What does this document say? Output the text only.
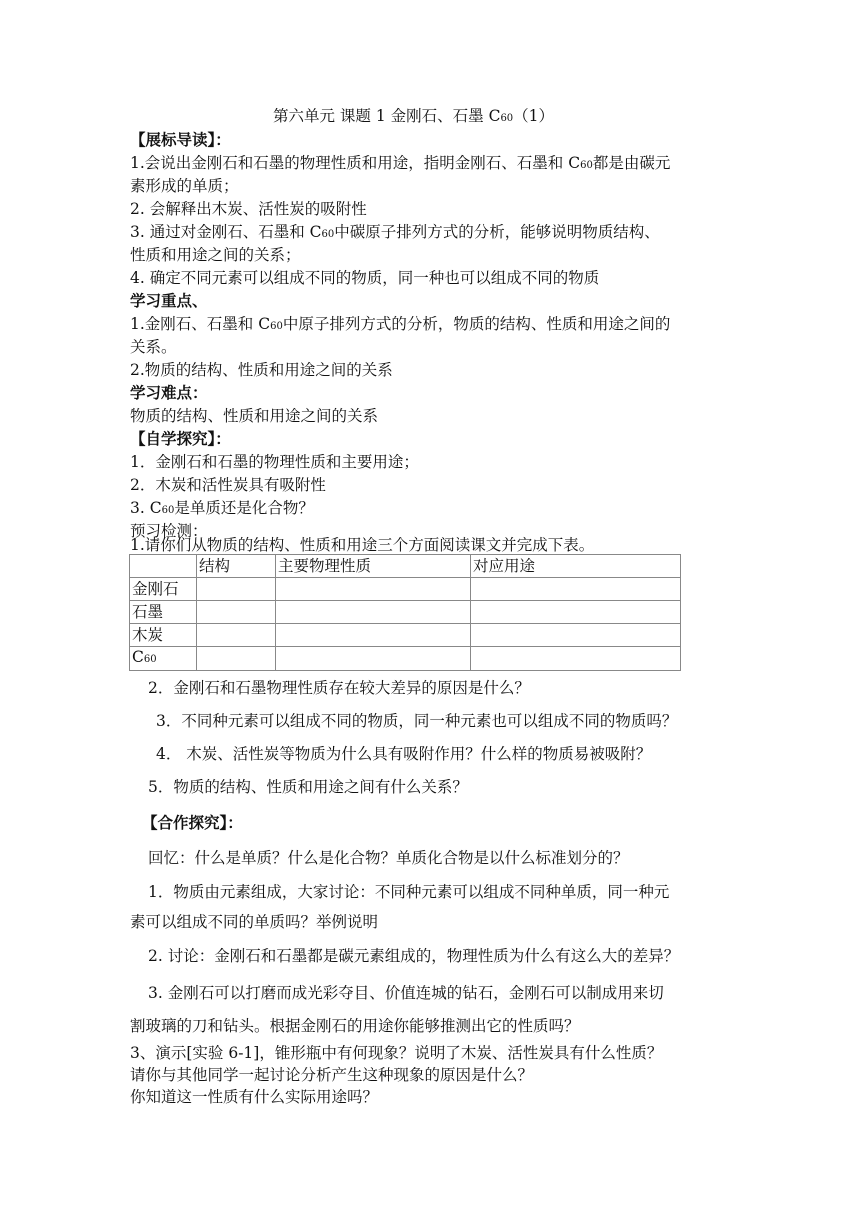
第六单元 课题 1 金刚石、石墨 C60（1）
【展标导读】：
1.会说出金刚石和石墨的物理性质和用途，指明金刚石、石墨和 C60都是由碳元
素形成的单质；
2. 会解释出木炭、活性炭的吸附性
3. 通过对金刚石、石墨和 C60中碳原子排列方式的分析，能够说明物质结构、
性质和用途之间的关系；
4. 确定不同元素可以组成不同的物质，同一种也可以组成不同的物质
学习重点、
1.金刚石、石墨和 C60中原子排列方式的分析，物质的结构、性质和用途之间的
关系。
2.物质的结构、性质和用途之间的关系
学习难点：
物质的结构、性质和用途之间的关系
【自学探究】：
1．金刚石和石墨的物理性质和主要用途；
2．木炭和活性炭具有吸附性
3. C60是单质还是化合物？
预习检测：
1.请你们从物质的结构、性质和用途三个方面阅读课文并完成下表。
	结构	主要物理性质	对应用途
金刚石			
石墨			
木炭			
C60			
2．金刚石和石墨物理性质存在较大差异的原因是什么？
3．不同种元素可以组成不同的物质，同一种元素也可以组成不同的物质吗？
4． 木炭、活性炭等物质为什么具有吸附作用？什么样的物质易被吸附？
5．物质的结构、性质和用途之间有什么关系？
【合作探究】：
回忆：什么是单质？什么是化合物？单质化合物是以什么标准划分的？
1．物质由元素组成，大家讨论：不同种元素可以组成不同种单质，同一种元
素可以组成不同的单质吗？举例说明
2. 讨论：金刚石和石墨都是碳元素组成的，物理性质为什么有这么大的差异？
3. 金刚石可以打磨而成光彩夺目、价值连城的钻石，金刚石可以制成用来切
割玻璃的刀和钻头。根据金刚石的用途你能够推测出它的性质吗？
3、演示[实验 6-1]，锥形瓶中有何现象？说明了木炭、活性炭具有什么性质？
请你与其他同学一起讨论分析产生这种现象的原因是什么？
你知道这一性质有什么实际用途吗？
